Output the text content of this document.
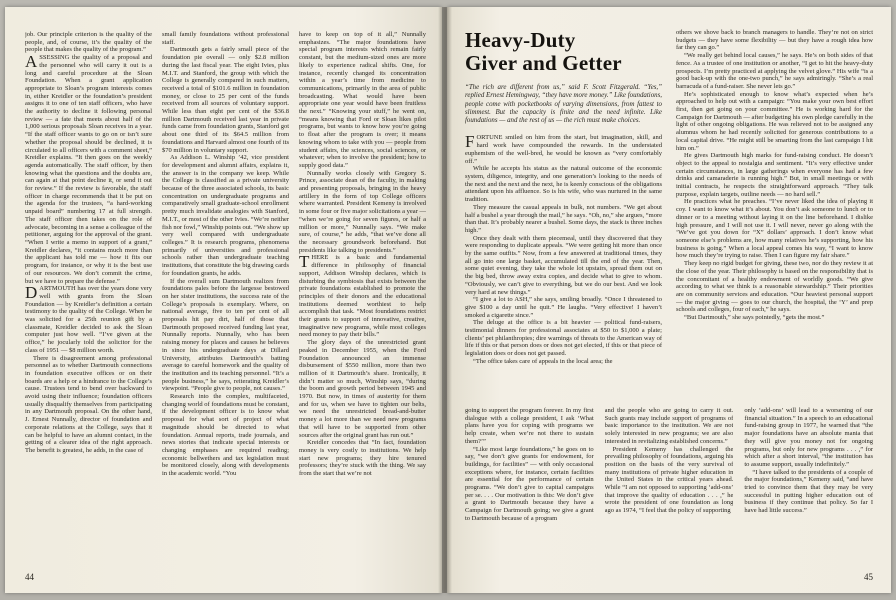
job. Our principle criterion is the quality of the people, and, of course, it’s the quality of the people that makes the quality of the program.”

ASSESSING the quality of a proposal and the personnel who will carry it out is a long and careful procedure at the Sloan Foundation. When a grant application appropriate to Sloan’s program interests comes in, either Kreidler or the foundation’s president assigns it to one of ten staff officers, who have the authority to decline it following personal review — a fate that meets about half of the 1,000 serious proposals Sloan receives in a year. “If the staff officer wants to go on or isn’t sure whether the proposal should be declined, it is circulated to all officers with a comment sheet,” Kreidler explains. “It then goes on the weekly agenda automatically. The staff officer, by then knowing what the questions and the doubts are, can again at that point decline it, or send it out for review.” If the review is favorable, the staff officer in charge recommends that it be put on the agenda for the trustees, “a hard-working unpaid board” numbering 17 at full strength. The staff officer then takes on the role of advocate, becoming in a sense a colleague of the petitioner, arguing for the approval of the grant. “When I write a memo in support of a grant,” Kreidler declares, “it contains much more than the applicant has told me — how it fits our program, for instance, or why it is the best use of our resources. We don’t commit the crime, but we have to prepare the defense.”

DARTMOUTH has over the years done very well with grants from the Sloan Foundation — by Kreidler’s definition a certain testimony to the quality of the College. When he was solicited for a 25th reunion gift by a classmate, Kreidler decided to ask the Sloan computer just how well. “I’ve given at the office,” he jocularly told the solicitor for the class of 1951 — $8 million worth.

There is disagreement among professional personnel as to whether Dartmouth connections in foundation executive offices or on their boards are a help or a hindrance to the College’s cause. Trustees tend to bend over backward to avoid using their influence; foundation officers usually disqualify themselves from participating in any Dartmouth proposal. On the other hand, J. Ernest Nunnally, director of foundation and corporate relations at the College, says that it can be helpful to have an alumni contact, in the getting of a clearer idea of the right approach. The benefit is greatest, he adds, in the case of

small family foundations without professional staff.

Dartmouth gets a fairly small piece of the foundation pie overall — only $2.8 million during the last fiscal year. The eight Ivies, plus M.I.T. and Stanford, the group with which the College is generally compared in such matters, received a total of $101.6 million in foundation money, or close to 25 per cent of the funds received from all sources of voluntary support. While less than eight per cent of the $36.8 million Dartmouth received last year in private funds came from foundation grants, Stanford got about one third of its $64.5 million from foundations and Harvard almost one fourth of its $70 million in voluntary support.

As Addison L. Winship ’42, vice president for development and alumni affairs, explains it, the answer is in the company we keep. While the College is classified as a private university because of the three associated schools, its basic concentration on undergraduate programs and comparatively small graduate-school enrollment pretty much invalidate analogies with Stanford, M.I.T., or most of the other Ivies. “We’re neither fish nor fowl,” Winship points out. “We show up very well compared with undergraduate colleges.” It is research programs, phenomena primarily of universities and professional schools rather than undergraduate teaching institutions, that constitute the big drawing cards for foundation grants, he adds.

If the overall sum Dartmouth realizes from foundations pales before the largesse bestowed on her sister institutions, the success rate of the College’s proposals is exemplary. Where, on national average, five to ten per cent of all proposals hit pay dirt, half of those that Dartmouth proposed received funding last year, Nunnally reports. Nunnally, who has been raising money for places and causes he believes in since his undergraduate days at Dillard University, attributes Dartmouth’s batting average to careful homework and the quality of the institution and its teaching personnel. “It’s a people business,” he says, reiterating Kreidler’s viewpoint. “People give to people, not causes.”

Research into the complex, multifaceted, changing world of foundations must be constant, if the development officer is to know what proposal for what sort of project of what magnitude should be directed to what foundation. Annual reports, trade journals, and news stories that indicate special interests or changing emphases are required reading; economic bellwethers and tax legislation must be monitored closely, along with developments in the academic world. “You

have to keep on top of it all,” Nunnally emphasizes. “The major foundations have special program interests which remain fairly constant, but the medium-sized ones are more likely to experience radical shifts. One, for instance, recently changed its concentration within a year’s time from medicine to communications, primarily in the area of public broadcasting. What would have been appropriate one year would have been fruitless the next.” “Knowing your stuff,” he went on, “means knowing that Ford or Sloan likes pilot programs, but wants to know how you’re going to float after the program is over; it means knowing whom to take with you — people from student affairs, the sciences, social sciences, or whatever; when to involve the president; how to supply good data.”

Nunnally works closely with Gregory S. Prince, associate dean of the faculty, in making and presenting proposals, bringing in the heavy artillery in the form of top College officers where warranted. President Kemeny is involved in some four or five major solicitations a year — “when we’re going for seven figures, or half a million or more,” Nunnally says. “We make sure, of course,” he adds, “that we’ve done all the necessary groundwork beforehand. But presidents like talking to presidents.”

THERE is a basic and fundamental difference in philosophy of financial support, Addison Winship declares, which is disturbing the symbiosis that exists between the private foundations established to promote the principles of their donors and the educational institutions deemed worthiest to help accomplish that task. “Most foundations restrict their grants to support of innovative, creative, imaginative new programs, while most colleges need money to pay their bills.”

The glory days of the unrestricted grant peaked in December 1955, when the Ford Foundation announced an immense disbursement of $550 million, more than two million of it Dartmouth’s share. Ironically, it didn’t matter so much, Winship says, “during the boom and growth period between 1945 and 1970. But now, in times of austerity for them and for us, when we have to tighten our belts, we need the unrestricted bread-and-butter money a lot more than we need new programs that will have to be supported from other sources after the original grant has run out.”

Kreidler concedes that “In fact, foundation money is very costly to institutions. We help start new programs; they hire tenured professors; they’re stuck with the thing. We say from the start that we’re not

44
Heavy-Duty
Giver and Getter

“The rich are different from us,” said F. Scott Fitzgerald. “Yes,” replied Ernest Hemingway, “they have more money.” Like foundations, people come with pocketbooks of varying dimensions, from fattest to slimmest. But the capacity is finite and the need infinite. Like foundations — and the rest of us — the rich must make choices.

FORTUNE smiled on him from the start, but imagination, skill, and hard work have compounded the rewards. In the understated euphemism of the well-bred, he would be known as “very comfortably off.”

While he accepts his status as the natural outcome of the economic system, diligence, integrity, and one generation’s looking to the needs of the next and the next and the next, he is keenly conscious of the obligations attendant upon his affluence. So is his wife, who was nurtured in the same tradition.

They measure the casual appeals in bulk, not numbers. “We get about half a bushel a year through the mail,” he says. “Oh, no,” she argues, “more than that. It’s probably nearer a bushel. Some days, the stack is three inches high.”

Once they dealt with them piecemeal, until they discovered that they were responding to duplicate appeals. “We were getting hit more than once by the same outfits.” Now, from a few answered at traditional times, they all go into one large basket, accumulated till the end of the year. Then, some quiet evening, they take the whole lot upstairs, spread them out on the big bed, throw away extra copies, and decide what to give to whom. “Obviously, we can’t give to everything, but we do our best. And we look very hard at new things.”

“I give a lot to ASH,” she says, smiling broadly. “Once I threatened to give $100 a day until he quit.” He laughs. “Very effective! I haven’t smoked a cigarette since.”

The deluge at the office is a bit heavier — political fund-raisers, testimonial dinners for professional associates at $50 to $1,000 a plate; clients’ pet philanthropies; dire warnings of threats to the American way of life if this or that person does or does not get elected, if this or that piece of legislation does or does not get passed.

“The office takes care of appeals in the local area; the

others we shove back to branch managers to handle. They’re not on strict budgets — they have some flexibility — but they have a rough idea how far they can go.”

“We really get behind local causes,” he says. He’s on both sides of that fence. As a trustee of one institution or another, “I get to hit the heavy-duty prospects. I’m pretty practiced at applying the velvet glove.” His wife “is a good back-up with the one-two punch,” he says admiringly. “She’s a real barracuda of a fund-raiser. She never lets go.”

He’s sophisticated enough to know what’s expected when he’s approached to help out with a campaign: “You make your own best effort first, then get going on your committee.” He is working hard for the Campaign for Dartmouth — after budgeting his own pledge carefully in the light of other ongoing obligations. He was relieved not to be assigned any alumnus whom he had recently solicited for generous contributions to a local capital drive. “He might still be smarting from the last campaign I hit him on.”

He gives Dartmouth high marks for fund-raising conduct. He doesn’t object to the appeal to nostalgia and sentiment. “It’s very effective under certain circumstances, in large gatherings when everyone has had a few drinks and camaraderie is running high.” But, in small meetings or with initial contracts, he respects the straightforward approach. “They talk purpose, explain targets, outline needs — no hard sell.”

He practices what he preaches. “I’ve never liked the idea of playing it coy. I want to know what it’s about. You don’t ask someone to lunch or to dinner or to a meeting without laying it on the line beforehand. I dislike high pressure, and I will not use it. I will never, never go along with the ‘We’ve got you down for “X” dollars’ approach. I don’t know what someone else’s problems are, how many relatives he’s supporting, how his business is going.” When a local appeal comes his way, “I want to know how much they’re trying to raise. Then I can figure my fair share.”

They keep no rigid budget for giving, these two, nor do they review it at the close of the year. Their philosophy is based on the responsibility that is the concomitant of a healthy endowment of worldly goods. “We give according to what we think is a reasonable stewardship.” Their priorities are on community services and education. “Our heaviest personal support — the major giving — goes to our church, the hospital, the ‘Y’ and prep schools and colleges, four of each,” he says.

“But Dartmouth,” she says pointedly, “gets the most.”

going to support the program forever. In my first dialogue with a college president, I ask ‘What plans have you for coping with programs we help create, when we’re not there to sustain them?’”

“Like most large foundations,” he goes on to say, “we don’t give grants for endowment, for buildings, for facilities” — with only occasional exceptions where, for instance, certain facilities are essential for the performance of certain programs. “We don’t give to capital campaigns per se. . . . Our motivation is this: We don’t give a grant to Dartmouth because they have a Campaign for Dartmouth going; we give a grant to Dartmouth because of a program

and the people who are going to carry it out. Such grants may include support of programs of basic importance to the institution. We are not solely interested in new programs; we are also interested in revitalizing established concerns.”

President Kemeny has challenged the prevailing philosophy of foundations, arguing his position on the basis of the very survival of many institutions of private higher education in the United States in the critical years ahead. While “I am not opposed to supporting ‘add-ons’ that improve the quality of education . . . ,” he wrote the president of one foundation as long ago as 1974, “I feel that the policy of supporting

only ‘add-ons’ will lead to a worsening of our financial situation.” In a speech to an educational fund-raising group in 1977, he warned that “the major foundations have an absolute mania that they will give you money not for ongoing programs, but only for new programs . . . ,” for which after a short interval, “the institution has to assume support, usually indefinitely.”

“I have talked to the presidents of a couple of the major foundations,” Kemeny said, “and have tried to convince them that they may be very successful in putting higher education out of business if they continue that policy. So far I have had little success.”

45
